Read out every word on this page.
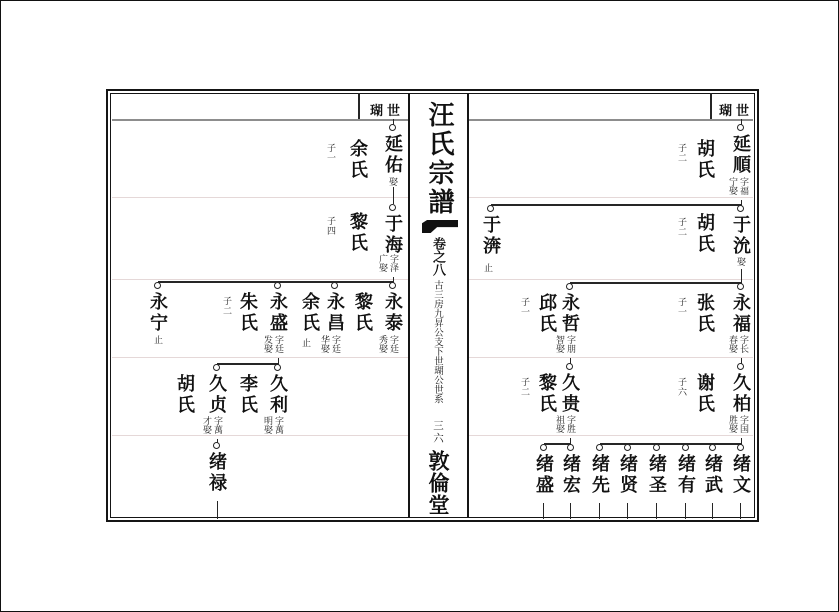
瑚世	瑚世
汪氏宗譜
卷之八
古三房九昇公支下世瑚公世系
三六
敦倫堂
延佑
娶
余氏
子一
于海
字泽广娶
黎氏
子四
永泰
字廷秀娶
黎氏
永昌
字廷华娶
余氏
止
永盛
字廷发娶
朱氏
子二
永宁
止
久利
字萬明娶
李氏
久贞
字萬才娶
胡氏
绪禄
延順
字福宁娶
胡氏
子二
于沇
娶
胡氏
子二
于渀
止
永福
字长春娶
张氏
子一
永哲
字朋智娶
邱氏
子一
久柏
字国胜娶
谢氏
子六
久贵
字胜祖娶
黎氏
子二
绪文
绪武
绪有
绪圣
绪贤
绪先
绪宏
绪盛
